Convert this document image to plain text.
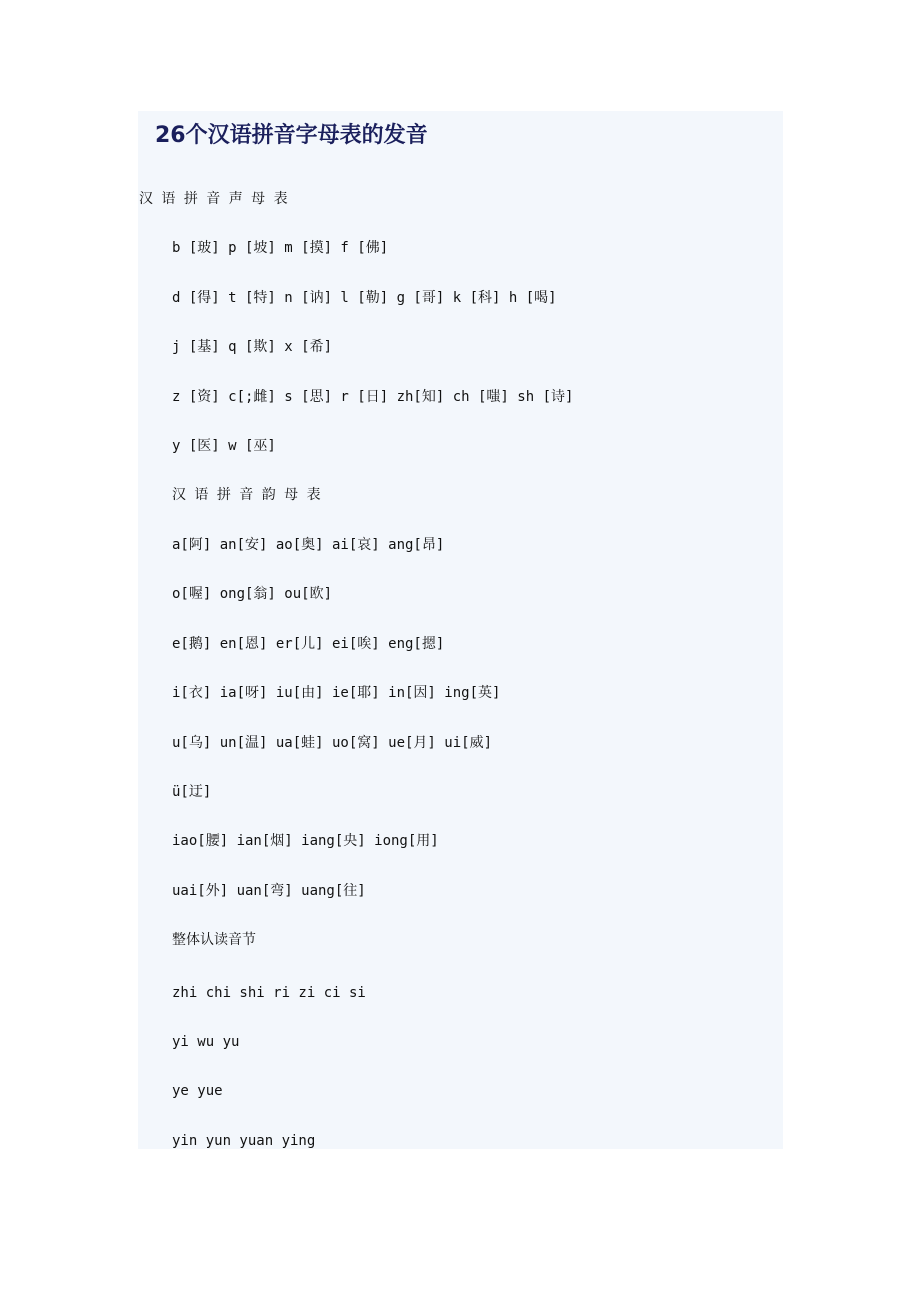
26个汉语拼音字母表的发音
汉 语 拼 音 声 母 表
b [玻] p [坡] m [摸] f [佛]
d [得] t [特] n [讷] l [勒] g [哥] k [科] h [喝]
j [基] q [欺] x [希]
z [资] c[;雌] s [思] r [日] zh[知] ch [嗤] sh [诗]
y [医] w [巫]
汉 语 拼 音 韵 母 表
a[阿] an[安] ao[奥] ai[哀] ang[昂]
o[喔] ong[翁] ou[欧]
e[鹅] en[恩] er[儿] ei[唉] eng[摁]
i[衣] ia[呀] iu[由] ie[耶] in[因] ing[英]
u[乌] un[温] ua[蛙] uo[窝] ue[月] ui[威]
ü[迂]
iao[腰] ian[烟] iang[央] iong[用]
uai[外] uan[弯] uang[往]
整体认读音节
zhi chi shi ri zi ci si
yi wu yu
ye yue
yin yun yuan ying
